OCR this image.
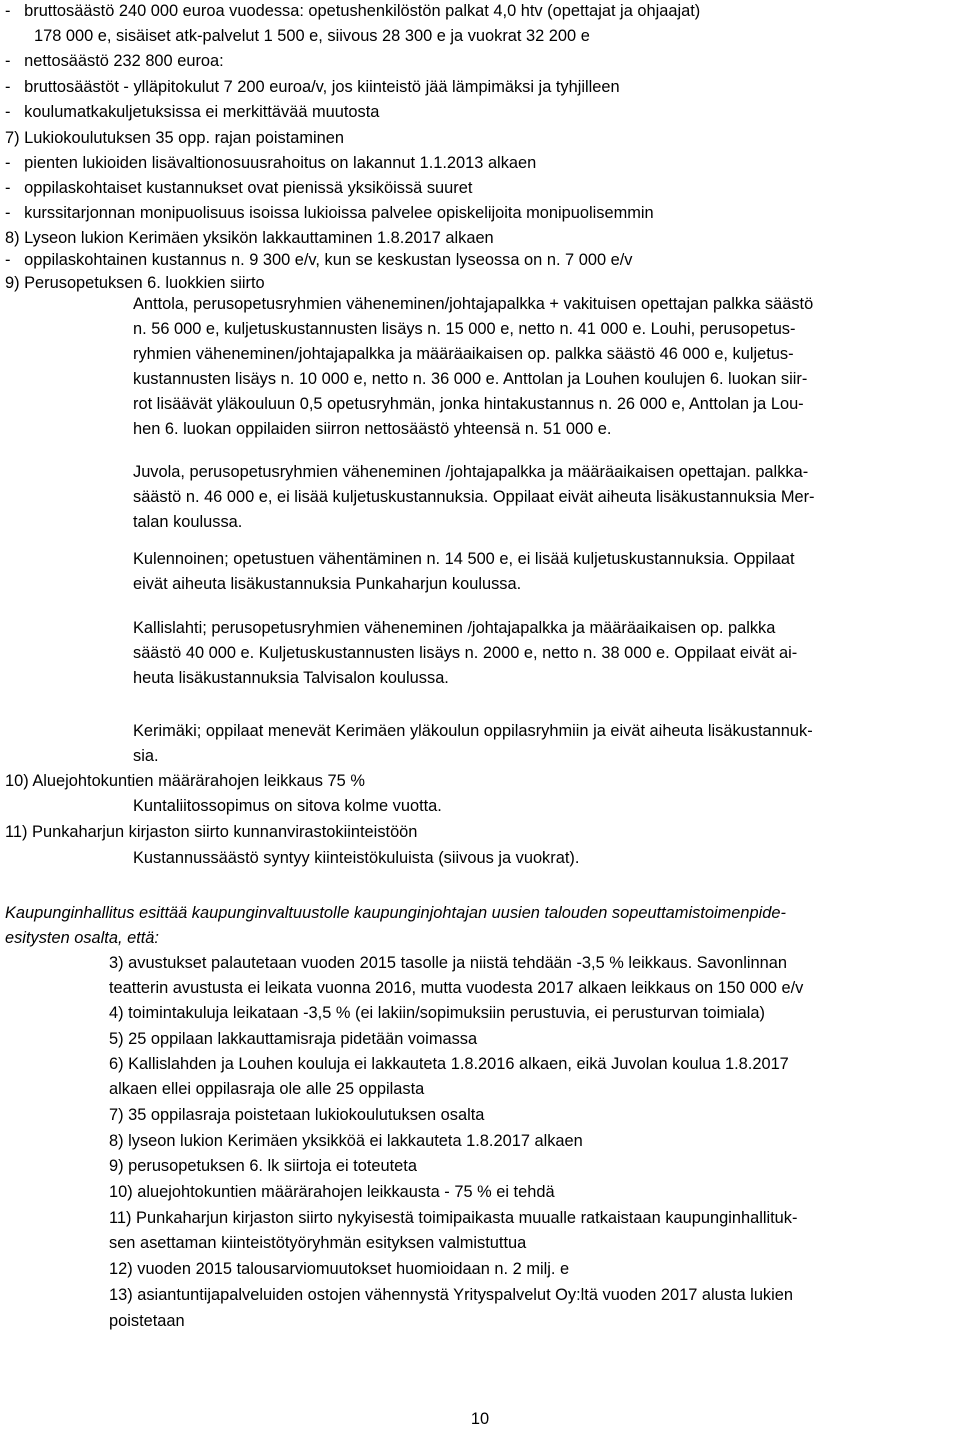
-   bruttosäästö 240 000 euroa vuodessa: opetushenkilöstön palkat 4,0 htv (opettajat ja ohjaajat)
178 000 e, sisäiset atk-palvelut 1 500 e, siivous 28 300 e ja vuokrat 32 200 e
-   nettosäästö 232 800 euroa:
-   bruttosäästöt - ylläpitokulut 7 200 euroa/v, jos kiinteistö jää lämpimäksi ja tyhjilleen
-   koulumatkakuljetuksissa ei merkittävää muutosta
7) Lukiokoulutuksen 35 opp. rajan poistaminen
-   pienten lukioiden lisävaltionosuusrahoitus on lakannut 1.1.2013 alkaen
-   oppilaskohtaiset kustannukset ovat pienissä yksiköissä suuret
-   kurssitarjonnan monipuolisuus isoissa lukioissa palvelee opiskelijoita monipuolisemmin
8) Lyseon lukion Kerimäen yksikön lakkauttaminen 1.8.2017 alkaen
-   oppilaskohtainen kustannus n. 9 300 e/v, kun se keskustan lyseossa on n. 7 000 e/v
9) Perusopetuksen 6. luokkien siirto
Anttola, perusopetusryhmien väheneminen/johtajapalkka + vakituisen opettajan palkka säästö
n. 56 000 e, kuljetuskustannusten lisäys n. 15 000 e, netto n. 41 000 e. Louhi, perusopetus-
ryhmien väheneminen/johtajapalkka ja määräaikaisen op. palkka säästö 46 000 e, kuljetus-
kustannusten lisäys n. 10 000 e, netto n. 36 000 e. Anttolan ja Louhen koulujen 6. luokan siir-
rot lisäävät yläkouluun 0,5 opetusryhmän, jonka hintakustannus n. 26 000 e, Anttolan ja Lou-
hen 6. luokan oppilaiden siirron nettosäästö yhteensä n. 51 000 e.
Juvola, perusopetusryhmien väheneminen /johtajapalkka ja määräaikaisen opettajan. palkka-
säästö n. 46 000 e, ei lisää kuljetuskustannuksia. Oppilaat eivät aiheuta lisäkustannuksia Mer-
talan koulussa.
Kulennoinen; opetustuen vähentäminen n. 14 500 e, ei lisää kuljetuskustannuksia. Oppilaat
eivät aiheuta lisäkustannuksia Punkaharjun koulussa.
Kallislahti; perusopetusryhmien väheneminen /johtajapalkka ja määräaikaisen op. palkka
säästö 40 000 e. Kuljetuskustannusten lisäys n. 2000 e, netto n. 38 000 e. Oppilaat eivät ai-
heuta lisäkustannuksia Talvisalon koulussa.
Kerimäki; oppilaat menevät Kerimäen yläkoulun oppilasryhmiin ja eivät aiheuta lisäkustannuk-
sia.
10) Aluejohtokuntien määrärahojen leikkaus 75 %
Kuntaliitossopimus on sitova kolme vuotta.
11) Punkaharjun kirjaston siirto kunnanvirastokiinteistöön
Kustannussäästö syntyy kiinteistökuluista (siivous ja vuokrat).
Kaupunginhallitus esittää kaupunginvaltuustolle kaupunginjohtajan uusien talouden sopeuttamistoimenpide-
esitysten osalta, että:
3) avustukset palautetaan vuoden 2015 tasolle ja niistä tehdään -3,5 % leikkaus. Savonlinnan
teatterin avustusta ei leikata vuonna 2016, mutta vuodesta 2017 alkaen leikkaus on 150 000 e/v
4) toimintakuluja leikataan -3,5 % (ei lakiin/sopimuksiin perustuvia, ei perusturvan toimiala)
5) 25 oppilaan lakkauttamisraja pidetään voimassa
6) Kallislahden ja Louhen kouluja ei lakkauteta 1.8.2016 alkaen, eikä Juvolan koulua 1.8.2017
alkaen ellei oppilasraja ole alle 25 oppilasta
7) 35 oppilasraja poistetaan lukiokoulutuksen osalta
8) lyseon lukion Kerimäen yksikköä ei lakkauteta 1.8.2017 alkaen
9) perusopetuksen 6. lk siirtoja ei toteuteta
10) aluejohtokuntien määrärahojen leikkausta - 75 % ei tehdä
11) Punkaharjun kirjaston siirto nykyisestä toimipaikasta muualle ratkaistaan kaupunginhallituk-
sen asettaman kiinteistötyöryhmän esityksen valmistuttua
12) vuoden 2015 talousarviomuutokset huomioidaan n. 2 milj. e
13) asiantuntijapalveluiden ostojen vähennystä Yrityspalvelut Oy:ltä vuoden 2017 alusta lukien
poistetaan
10
